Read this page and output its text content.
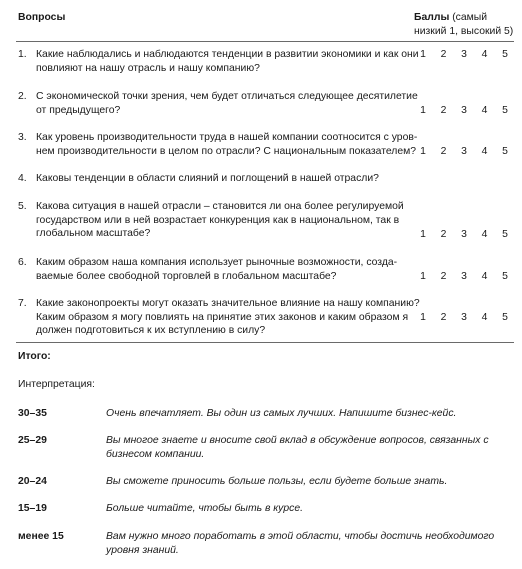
Вопросы	Баллы (самый низкий 1, высокий 5)
1. Какие наблюдались и наблюдаются тенденции в развитии экономики и как они повлияют на нашу отрасль и нашу компанию?
1 2 3 4 5
2. С экономической точки зрения, чем будет отличаться следующее десятилетие от предыдущего?	1 2 3 4 5
3. Как уровень производительности труда в нашей компании соотносится с уровнем производительности в целом по отрасли? С национальным показателем? 1 2 3 4 5
4. Каковы тенденции в области слияний и поглощений в нашей отрасли?
5. Какова ситуация в нашей отрасли – становится ли она более регулируемой государством или в ней возрастает конкуренция как в национальном, так в глобальном масштабе?	1 2 3 4 5
6. Каким образом наша компания использует рыночные возможности, создаваемые более свободной торговлей в глобальном масштабе?	1 2 3 4 5
7. Какие законопроекты могут оказать значительное влияние на нашу компанию? Каким образом я могу повлиять на принятие этих законов и каким образом я должен подготовиться к их вступлению в силу?
1 2 3 4 5
Итого:
Интерпретация:
30–35	Очень впечатляет. Вы один из самых лучших. Напишите бизнес-кейс.
25–29	Вы многое знаете и вносите свой вклад в обсуждение вопросов, связанных с бизнесом компании.
20–24	Вы сможете приносить больше пользы, если будете больше знать.
15–19	Больше читайте, чтобы быть в курсе.
менее 15	Вам нужно много поработать в этой области, чтобы достичь необходимого уровня знаний.
